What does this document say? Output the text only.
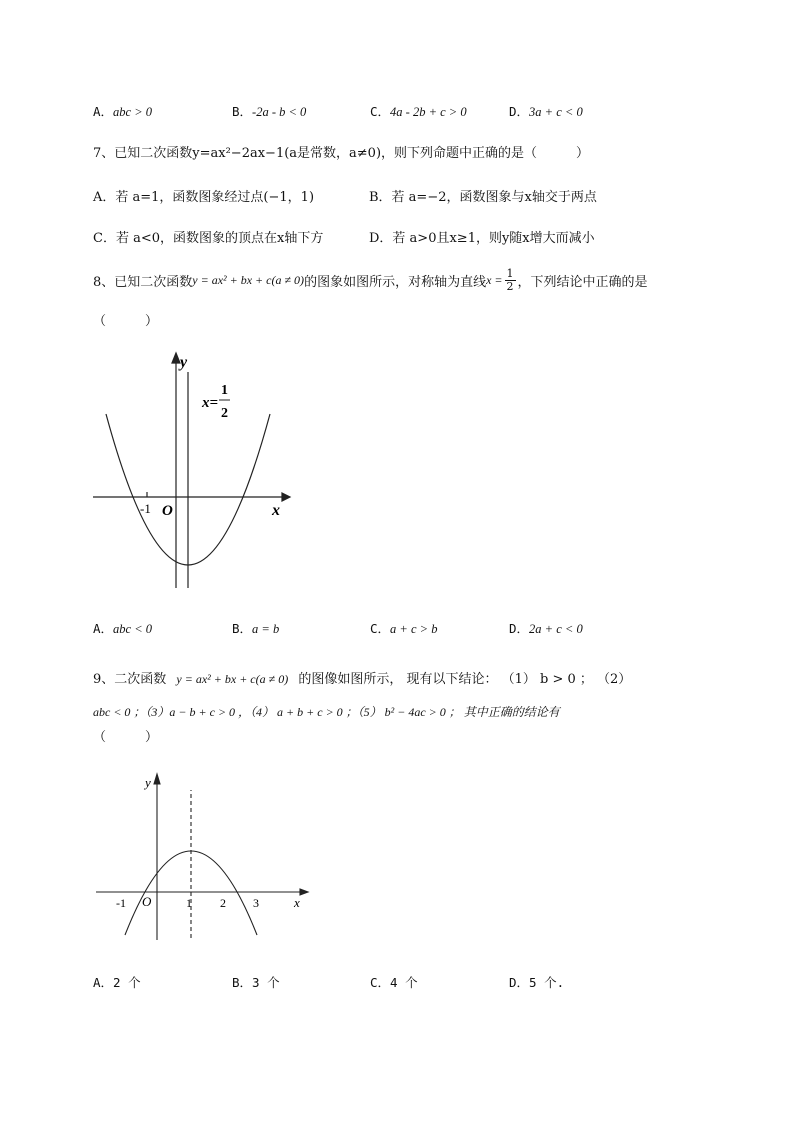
A．abc > 0	B．-2a - b < 0	C．4a - 2b + c > 0	D．3a + c < 0
7、已知二次函数y=ax²−2ax−1(a是常数，a≠0)，则下列命题中正确的是（　　　）
A．若 a=1，函数图象经过点(−1，1)	B．若 a=−2，函数图象与x轴交于两点
C．若 a<0，函数图象的顶点在x轴下方	D．若 a>0且x≥1，则y随x增大而减小
8、已知二次函数 y = ax² + bx + c(a ≠ 0) 的图象如图所示，对称轴为直线 $x = \frac{1}{2}$ ，下列结论中正确的是
（　　　）
y
x
O
-1
x=
1
2
A．abc < 0	B．a = b	C．a + c > b	D．2a + c < 0
9、二次函数 y = ax² + bx + c(a ≠ 0) 的图像如图所示， 现有以下结论： （1） b > 0 ； （2）
abc < 0 ；（3）a − b + c > 0 ，（4） a + b + c > 0 ；（5） b² − 4ac > 0 ； 其中正确的结论有
（　　　）
y
x
O
-1	1 2 3
A．2 个	B．3 个	C．4 个	D．5 个.
